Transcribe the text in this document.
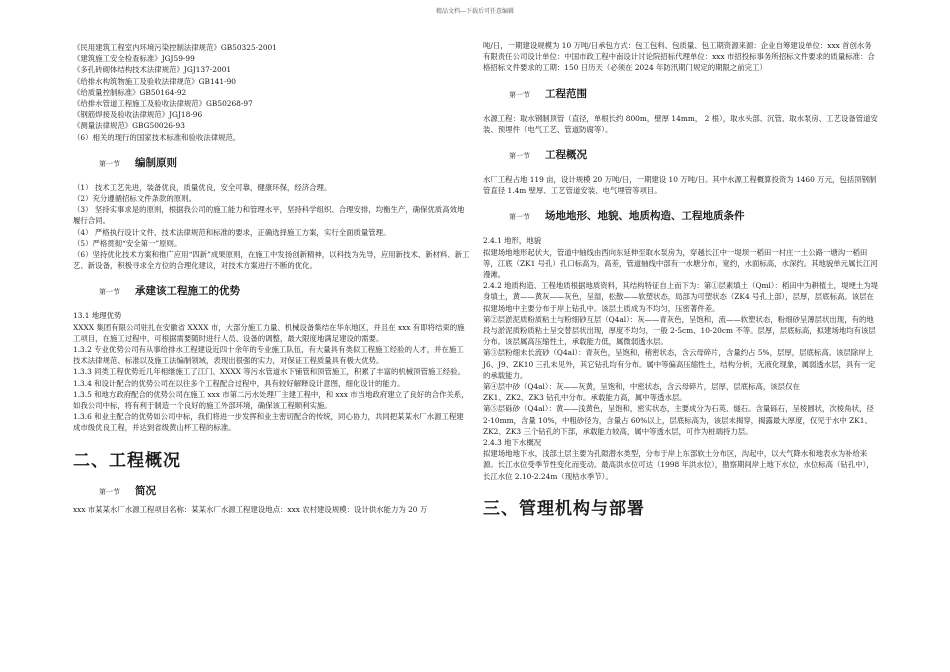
精品文档---下载后可任意编辑

《民用建筑工程室内环境污染控制法律规范》GB50325-2001

《建筑施工安全检查标准》JGJ59-99

《多孔砖砌体结构技术法律规范》JGJ137-2001

《给排水构筑物施工及验收法律规范》GB141-90

《给质量控制标准》GB50164-92

《给排水管道工程施工及验收法律规范》GB50268-97

《钢筋焊接及验收法律规范》JGJ18-96

《测量法律规范》GBG50026-93

（6）相关的现行的国家技术标准和验收法律规范。

第一节	编制原则

（1） 技术工艺先进，装备优良，质量优良，安全可靠，健康环保，经济合理。

（2）充分遵循招标文件条款的原则。

（3） 坚持实事求是的原则，根据我公司的施工能力和管理水平，坚持科学组织、合理安排，均衡生产，确保优质高效地履行合同。

（4） 严格执行设计文件、技术法律规范和标准的要求，正确选择施工方案，实行全面质量管理。

（5）严格贯彻“安全第一”原则。

（6）坚持优化技术方案和推广应用“四新”成果原则，在施工中发扬创新精神，以科技为先导，应用新技术、新材料、新工艺、新设备，积极寻求全方位的合理化建议，对技术方案进行不断的优化。

第一节	承建该工程施工的优势

13.1 地理优势

XXXX 集团有限公司驻扎在安徽省 XXXX 市，大部分施工力量、机械设备集结在华东地区，并且在 xxx 有即将结束的施工项目，在施工过程中，可根据需要随时进行人员、设备的调整，最大限度地满足建设的需要。

1.3.2 专业优势公司有从事给排水工程建设近四十余年的专业施工队伍，有大量具有类似工程施工经验的人才，并在施工技术法律规范、标准以及施工法编制领域，表现出很强的实力，对保证工程质量具有极大优势。

1.3.3 同类工程优势近几年相继施工了江门、XXXX 等污水管道水下铺管和顶管施工，积累了丰富的机械顶管施工经验。

1.3.4 和设计配合的优势公司在以往多个工程配合过程中，具有较好解释设计意图，细化设计的能力。

1.3.5 和地方政府配合的优势公司在施工 xxx 市第二污水处理厂主建工程中，和 xxx 市当地政府建立了良好的合作关系，如我公司中标，将有利于制造一个良好的施工外部环境，确保该工程顺利实施。

1.3.6 和业主配合的优势如公司中标，我们将进一步发挥和业主密切配合的传统，同心协力，共同把某某水厂水源工程建成市级优良工程，并达到省级黄山杯工程的标准。

二、工程概况
第一节	简况

xxx 市某某水厂水源工程项目名称：某某水厂水源工程建设地点：xxx 农村建设规模：设计供水能力为 20 万

吨/日，一期建设规模为 10 万吨/日承包方式：包工包料、包质量、包工期资源来源：企业自筹建设单位：xxx 首创水务有限责任公司设计单位：中国市政工程中南设计讨论院招标代理单位：xxx 市招投标事务所招标文件要求的质量标准：合格招标文件要求的工期：150 日历天（必须在 2024 年防汛期门规定的期限之前完工）

第一节	工程范围

水源工程：取水钢制顶管（直径，单根长约 800m，壁厚 14mm， 2 根），取水头部、沉管、取水泵房、工艺设备管道安装、预埋件（电气工艺、管道防腐等）。

第一节	工程概况

水厂工程占地 119 亩，设计规模 20 万吨/日，一期建设 10 万吨/日。其中水源工程概算投资为 1460 万元，包括顶钢制管直径 1.4m 壁厚、工艺管道安装、电气埋管等项目。

第一节	场地地形、地貌、地质构造、工程地质条件

2.4.1 地形，地貌

拟建场地地形起伏大，管道中轴线由西向东延伸至取水泵房为，穿越长江中一堤坝一稻田一村庄一土公路一塘沟一稻田等，江底（ZK1 号孔）孔口标高为，高差，管道轴线中部有一水塘分布，宽约，水面标高，水深约。其地貌单元属长江河漫滩。

2.4.2 地质构造、工程地质根据地质资料，其结构特征自上而下为：第①层素填土（Qml）：稻田中为耕植土，堤埂土为堤身填土，黄——黄灰——灰色，呈湿，松散——软塑状态，局部为可塑状态（ZK4 号孔上部），层厚，层底标高。该层在拟建场地中主要分布于岸上钻孔中。该层土质成为不均匀，压密著件差。

第②层淤泥质粉质粘土与粉细砂互层（Q4al）：灰——青灰色，呈饱和，流——软塑状态，粉细砂呈薄层状出现，有的地段与淤泥质粉质粘土呈交替层状出现，厚度不均匀，一般 2-5cm、10-20cm 不等。层厚，层底标高，拟建场地均有该层分布。该层属高压缩性土，承载能力低，属微弱透水层。

第③层粉细未长流砂（Q4al）：青灰色，呈饱和，稍密状态，含云母碎片，含量约占 5%，层厚，层底标高。该层除岸上 J6、J9、ZK10 三孔未见外，其它钻孔均有分布。属中等偏高压缩性土，结构分析，无液化现象，属弱透水层，具有一定的承载能力。

第④层中砂（Q4al）：灰——灰黄，呈饱和，中密状态，含云母碎片，层厚，层底标高，该层仅在

ZK1、ZK2、ZK3 钻孔中分布。承载能力高，属中等透水层。

第⑤层砾砂（Q4al）：黄——浅黄色，呈饱和，密实状态，主要成分为石英、燧石。含量砾石，呈棱圆状，次棱角状，径 2-10mm，含量 10%，中粗砂径为，含量占 60%以上，层底标高为，该层未揭穿，揭露最大厚度，仅见于水中 ZK1、ZK2、ZK3 三个钻孔的下部，承载能力较高，属中等透水层，可作为桩端持力层。

2.4.3 地下水概况

拟建场地地下水，浅部土层主要为孔隙潜水类型，分布于岸上东部软土分布区，沟起中，以大气降水和地表水为补给来源。长江水位受季节性变化而变动。最高洪水位可达（1998 年洪水位），勘察期间岸上地下水位，水位标高（钻孔中），长江水位 2.10-2.24m（现枯水季节）。

三、管理机构与部署
